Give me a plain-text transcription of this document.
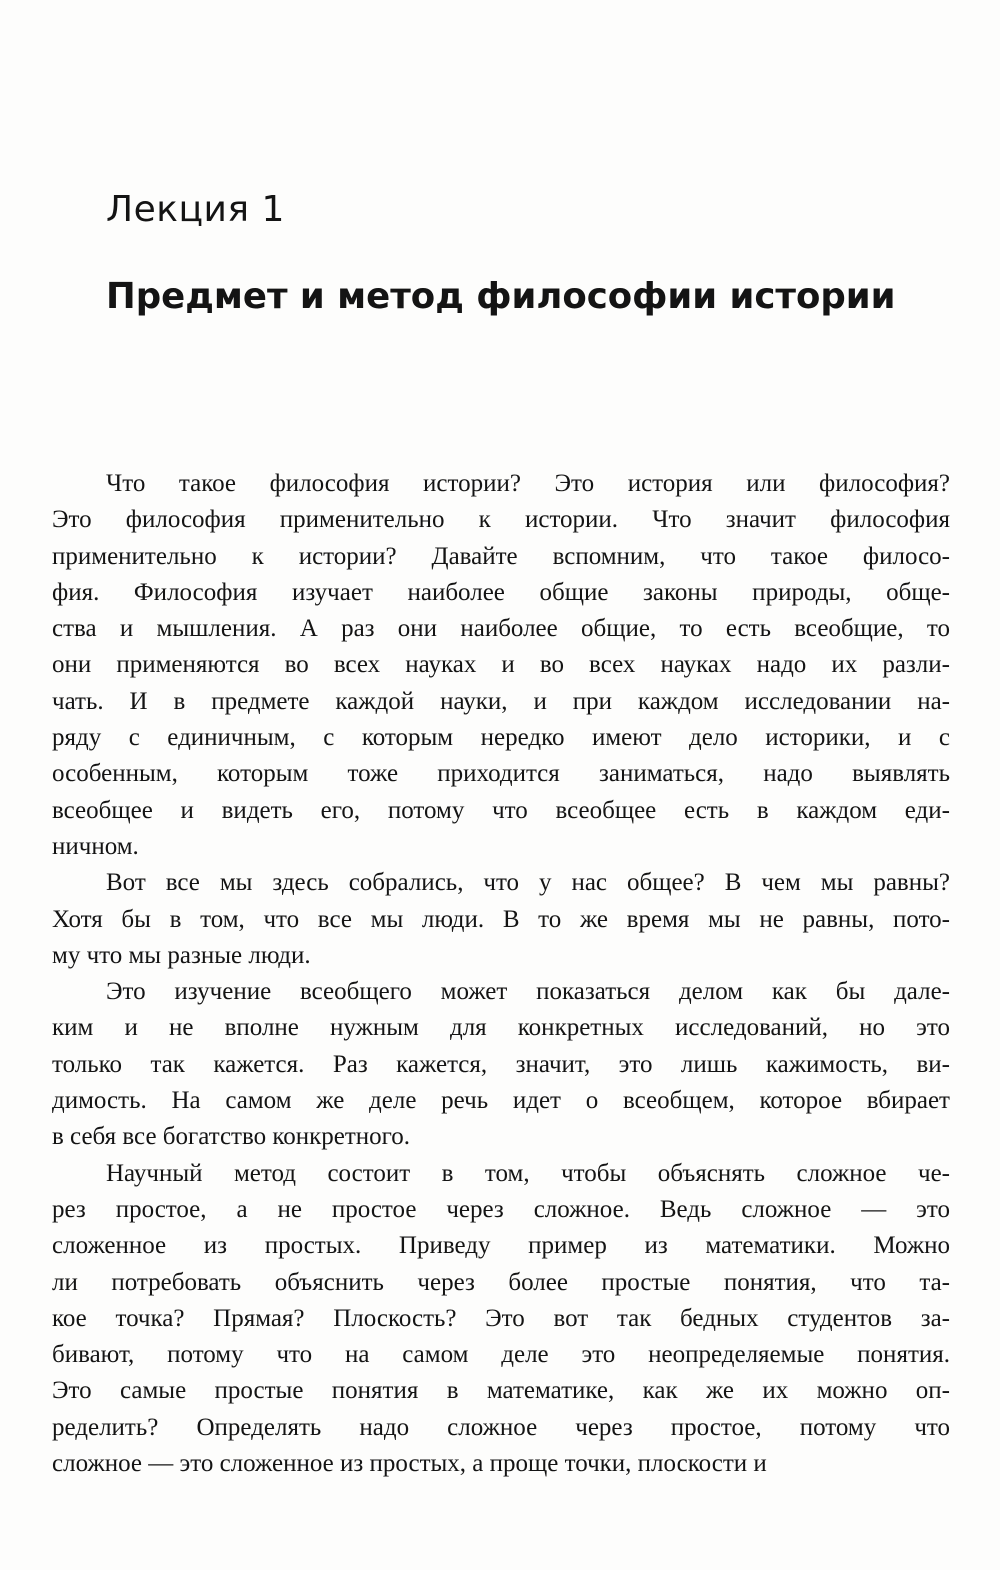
Лекция 1
Предмет и метод философии истории
Что такое философия истории? Это история или философия?
Это философия применительно к истории. Что значит философия
применительно к истории? Давайте вспомним, что такое филосо-
фия. Философия изучает наиболее общие законы природы, обще-
ства и мышления. А раз они наиболее общие, то есть всеобщие, то
они применяются во всех науках и во всех науках надо их разли-
чать. И в предмете каждой науки, и при каждом исследовании на-
ряду с единичным, с которым нередко имеют дело историки, и с
особенным, которым тоже приходится заниматься, надо выявлять
всеобщее и видеть его, потому что всеобщее есть в каждом еди-
ничном.
Вот все мы здесь собрались, что у нас общее? В чем мы равны?
Хотя бы в том, что все мы люди. В то же время мы не равны, пото-
му что мы разные люди.
Это изучение всеобщего может показаться делом как бы дале-
ким и не вполне нужным для конкретных исследований, но это
только так кажется. Раз кажется, значит, это лишь кажимость, ви-
димость. На самом же деле речь идет о всеобщем, которое вбирает
в себя все богатство конкретного.
Научный метод состоит в том, чтобы объяснять сложное че-
рез простое, а не простое через сложное. Ведь сложное — это
сложенное из простых. Приведу пример из математики. Можно
ли потребовать объяснить через более простые понятия, что та-
кое точка? Прямая? Плоскость? Это вот так бедных студентов за-
бивают, потому что на самом деле это неопределяемые понятия.
Это самые простые понятия в математике, как же их можно оп-
ределить? Определять надо сложное через простое, потому что
сложное — это сложенное из простых, а проще точки, плоскости и
